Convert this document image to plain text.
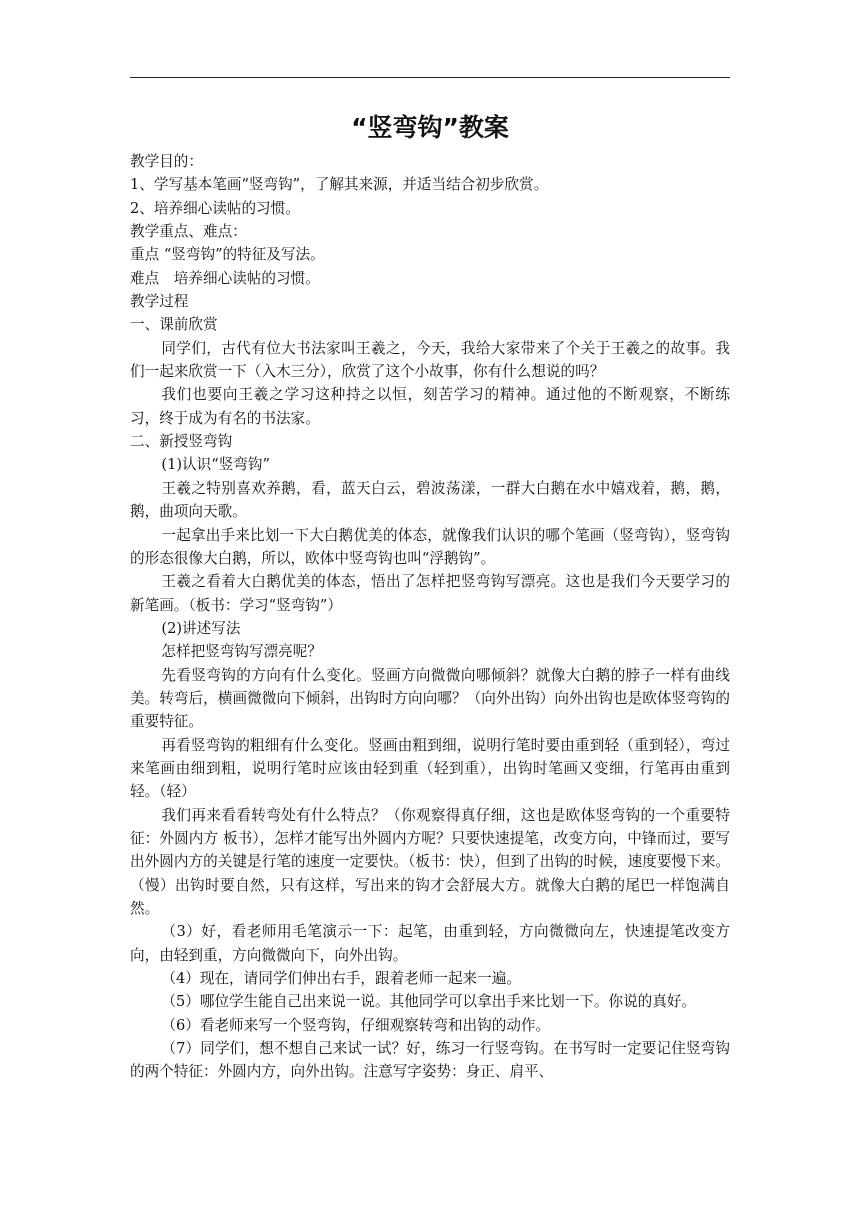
“竖弯钩”教案

教学目的：

1、学写基本笔画“竖弯钩”，了解其来源，并适当结合初步欣赏。

2、培养细心读帖的习惯。

教学重点、难点：

重点 “竖弯钩”的特征及写法。

难点　培养细心读帖的习惯。

教学过程

一、课前欣赏

同学们，古代有位大书法家叫王羲之，今天，我给大家带来了个关于王羲之的故事。我们一起来欣赏一下（入木三分），欣赏了这个小故事，你有什么想说的吗？

我们也要向王羲之学习这种持之以恒，刻苦学习的精神。通过他的不断观察，不断练习，终于成为有名的书法家。

二、新授竖弯钩

(1)认识“竖弯钩”

王羲之特别喜欢养鹅，看，蓝天白云，碧波荡漾，一群大白鹅在水中嬉戏着，鹅，鹅，鹅，曲项向天歌。

一起拿出手来比划一下大白鹅优美的体态，就像我们认识的哪个笔画（竖弯钩），竖弯钩的形态很像大白鹅，所以，欧体中竖弯钩也叫“浮鹅钩”。

王羲之看着大白鹅优美的体态，悟出了怎样把竖弯钩写漂亮。这也是我们今天要学习的新笔画。（板书：学习“竖弯钩”）

(2)讲述写法

怎样把竖弯钩写漂亮呢？

先看竖弯钩的方向有什么变化。竖画方向微微向哪倾斜？就像大白鹅的脖子一样有曲线美。转弯后，横画微微向下倾斜，出钩时方向向哪？（向外出钩）向外出钩也是欧体竖弯钩的重要特征。

再看竖弯钩的粗细有什么变化。竖画由粗到细，说明行笔时要由重到轻（重到轻），弯过来笔画由细到粗，说明行笔时应该由轻到重（轻到重），出钩时笔画又变细，行笔再由重到轻。（轻）

我们再来看看转弯处有什么特点？（你观察得真仔细，这也是欧体竖弯钩的一个重要特征：外圆内方 板书），怎样才能写出外圆内方呢？只要快速提笔，改变方向，中锋而过，要写出外圆内方的关键是行笔的速度一定要快。（板书：快），但到了出钩的时候，速度要慢下来。（慢）出钩时要自然，只有这样，写出来的钩才会舒展大方。就像大白鹅的尾巴一样饱满自然。

（3）好，看老师用毛笔演示一下：起笔，由重到轻，方向微微向左，快速提笔改变方向，由轻到重，方向微微向下，向外出钩。

（4）现在，请同学们伸出右手，跟着老师一起来一遍。

（5）哪位学生能自己出来说一说。其他同学可以拿出手来比划一下。你说的真好。

（6）看老师来写一个竖弯钩，仔细观察转弯和出钩的动作。

（7）同学们，想不想自己来试一试？好，练习一行竖弯钩。在书写时一定要记住竖弯钩的两个特征：外圆内方，向外出钩。注意写字姿势：身正、肩平、
